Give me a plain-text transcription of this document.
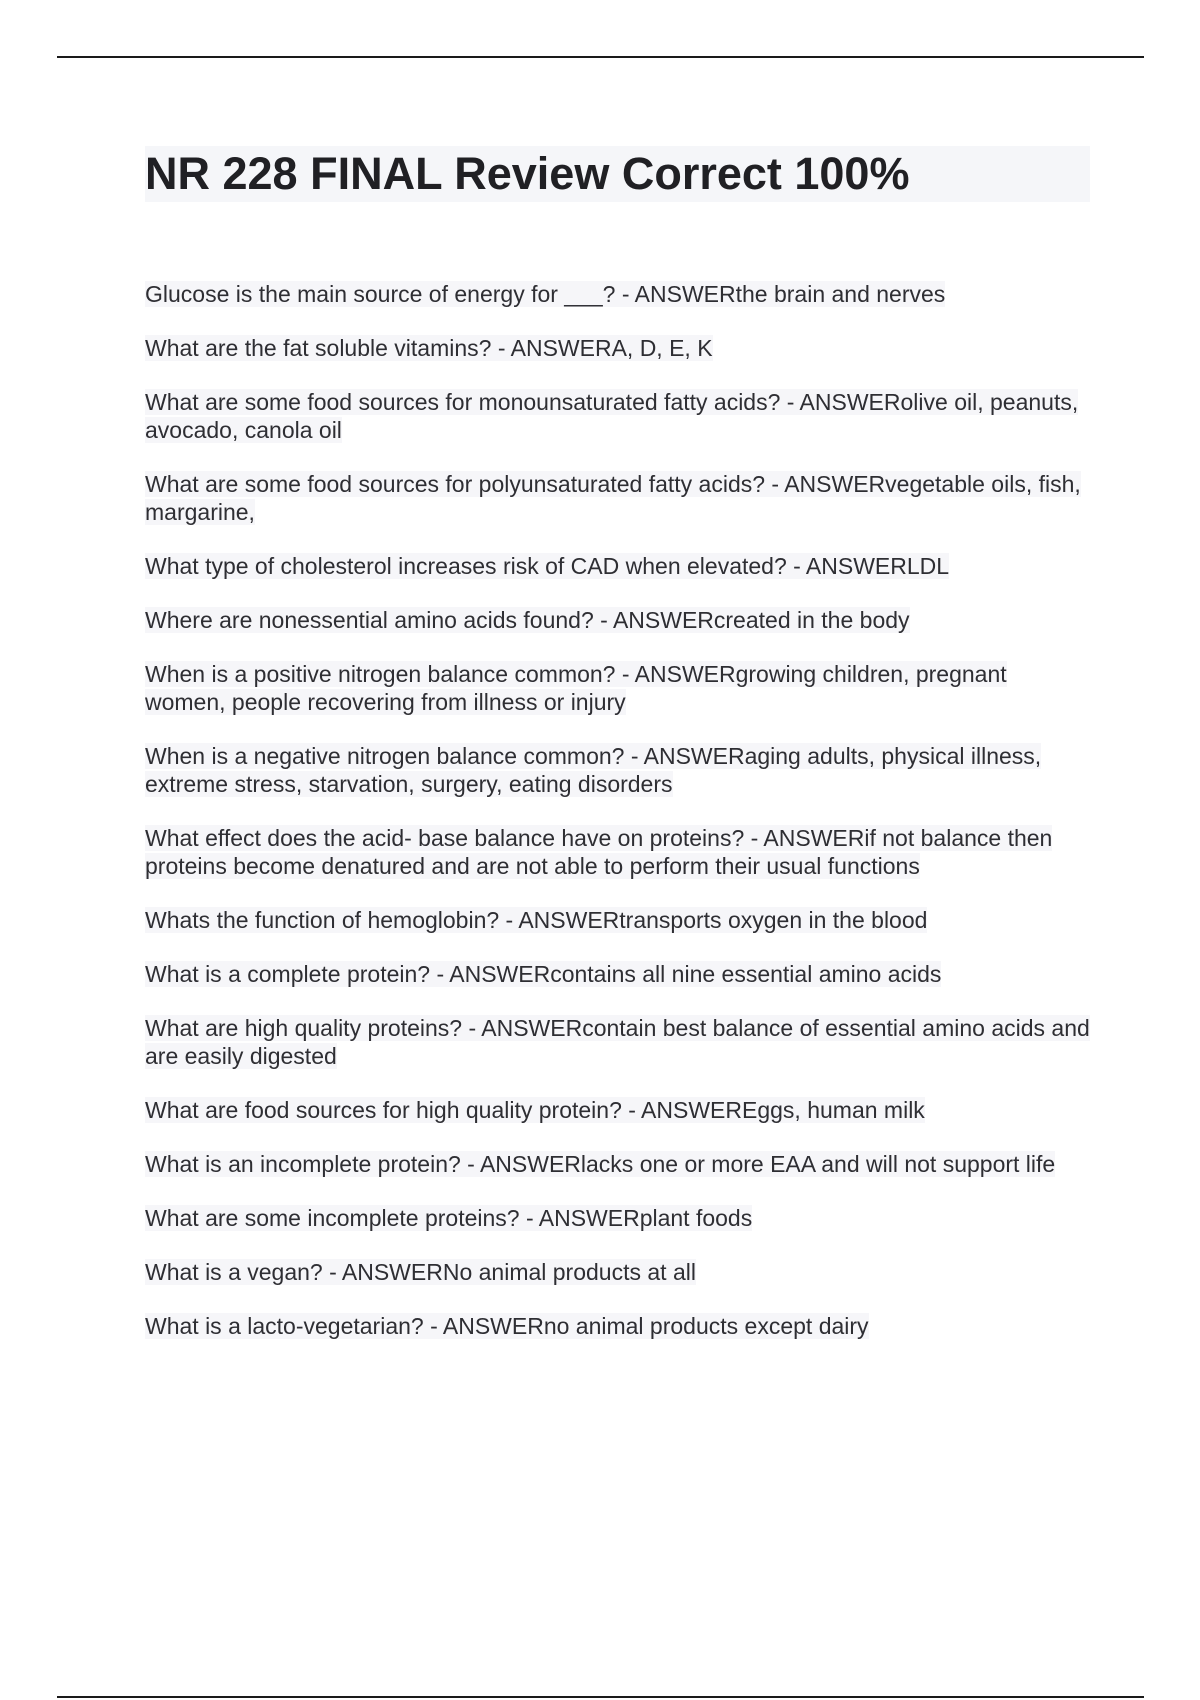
NR 228 FINAL Review Correct 100%
Glucose is the main source of energy for ___? - ANSWERthe brain and nerves
What are the fat soluble vitamins? - ANSWERA, D, E, K
What are some food sources for monounsaturated fatty acids? - ANSWERolive oil, peanuts, avocado, canola oil
What are some food sources for polyunsaturated fatty acids? - ANSWERvegetable oils, fish, margarine,
What type of cholesterol increases risk of CAD when elevated? - ANSWERLDL
Where are nonessential amino acids found? - ANSWERcreated in the body
When is a positive nitrogen balance common? - ANSWERgrowing children, pregnant women, people recovering from illness or injury
When is a negative nitrogen balance common? - ANSWERaging adults, physical illness, extreme stress, starvation, surgery, eating disorders
What effect does the acid- base balance have on proteins? - ANSWERif not balance then proteins become denatured and are not able to perform their usual functions
Whats the function of hemoglobin? - ANSWERtransports oxygen in the blood
What is a complete protein? - ANSWERcontains all nine essential amino acids
What are high quality proteins? - ANSWERcontain best balance of essential amino acids and are easily digested
What are food sources for high quality protein? - ANSWEREggs, human milk
What is an incomplete protein? - ANSWERlacks one or more EAA and will not support life
What are some incomplete proteins? - ANSWERplant foods
What is a vegan? - ANSWERNo animal products at all
What is a lacto-vegetarian? - ANSWERno animal products except dairy
